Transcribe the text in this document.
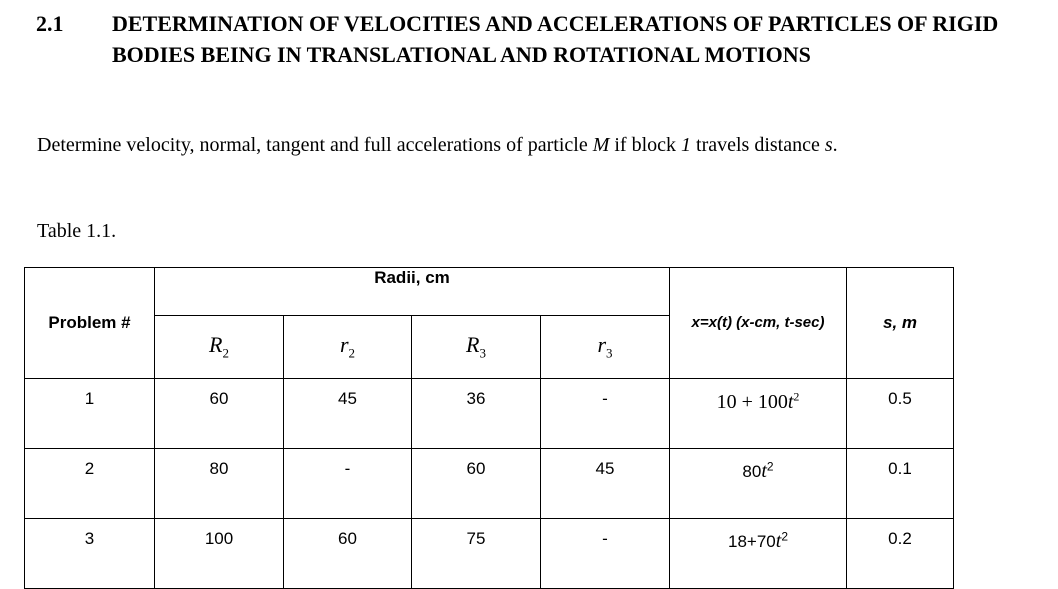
2.1 DETERMINATION OF VELOCITIES AND ACCELERATIONS OF PARTICLES OF RIGID BODIES BEING IN TRANSLATIONAL AND ROTATIONAL MOTIONS
Determine velocity, normal, tangent and full accelerations of particle M if block 1 travels distance s.
Table 1.1.
Problem #	Radii, cm				x=x(t) (x-cm, t-sec)	s, m
	$R_2$	$r_2$	$R_3$	$r_3$
1	60	45	36	-	$10 + 100t^2$	0.5
2	80	-	60	45	$80t^2$	0.1
3	100	60	75	-	$18+70t^2$	0.2
